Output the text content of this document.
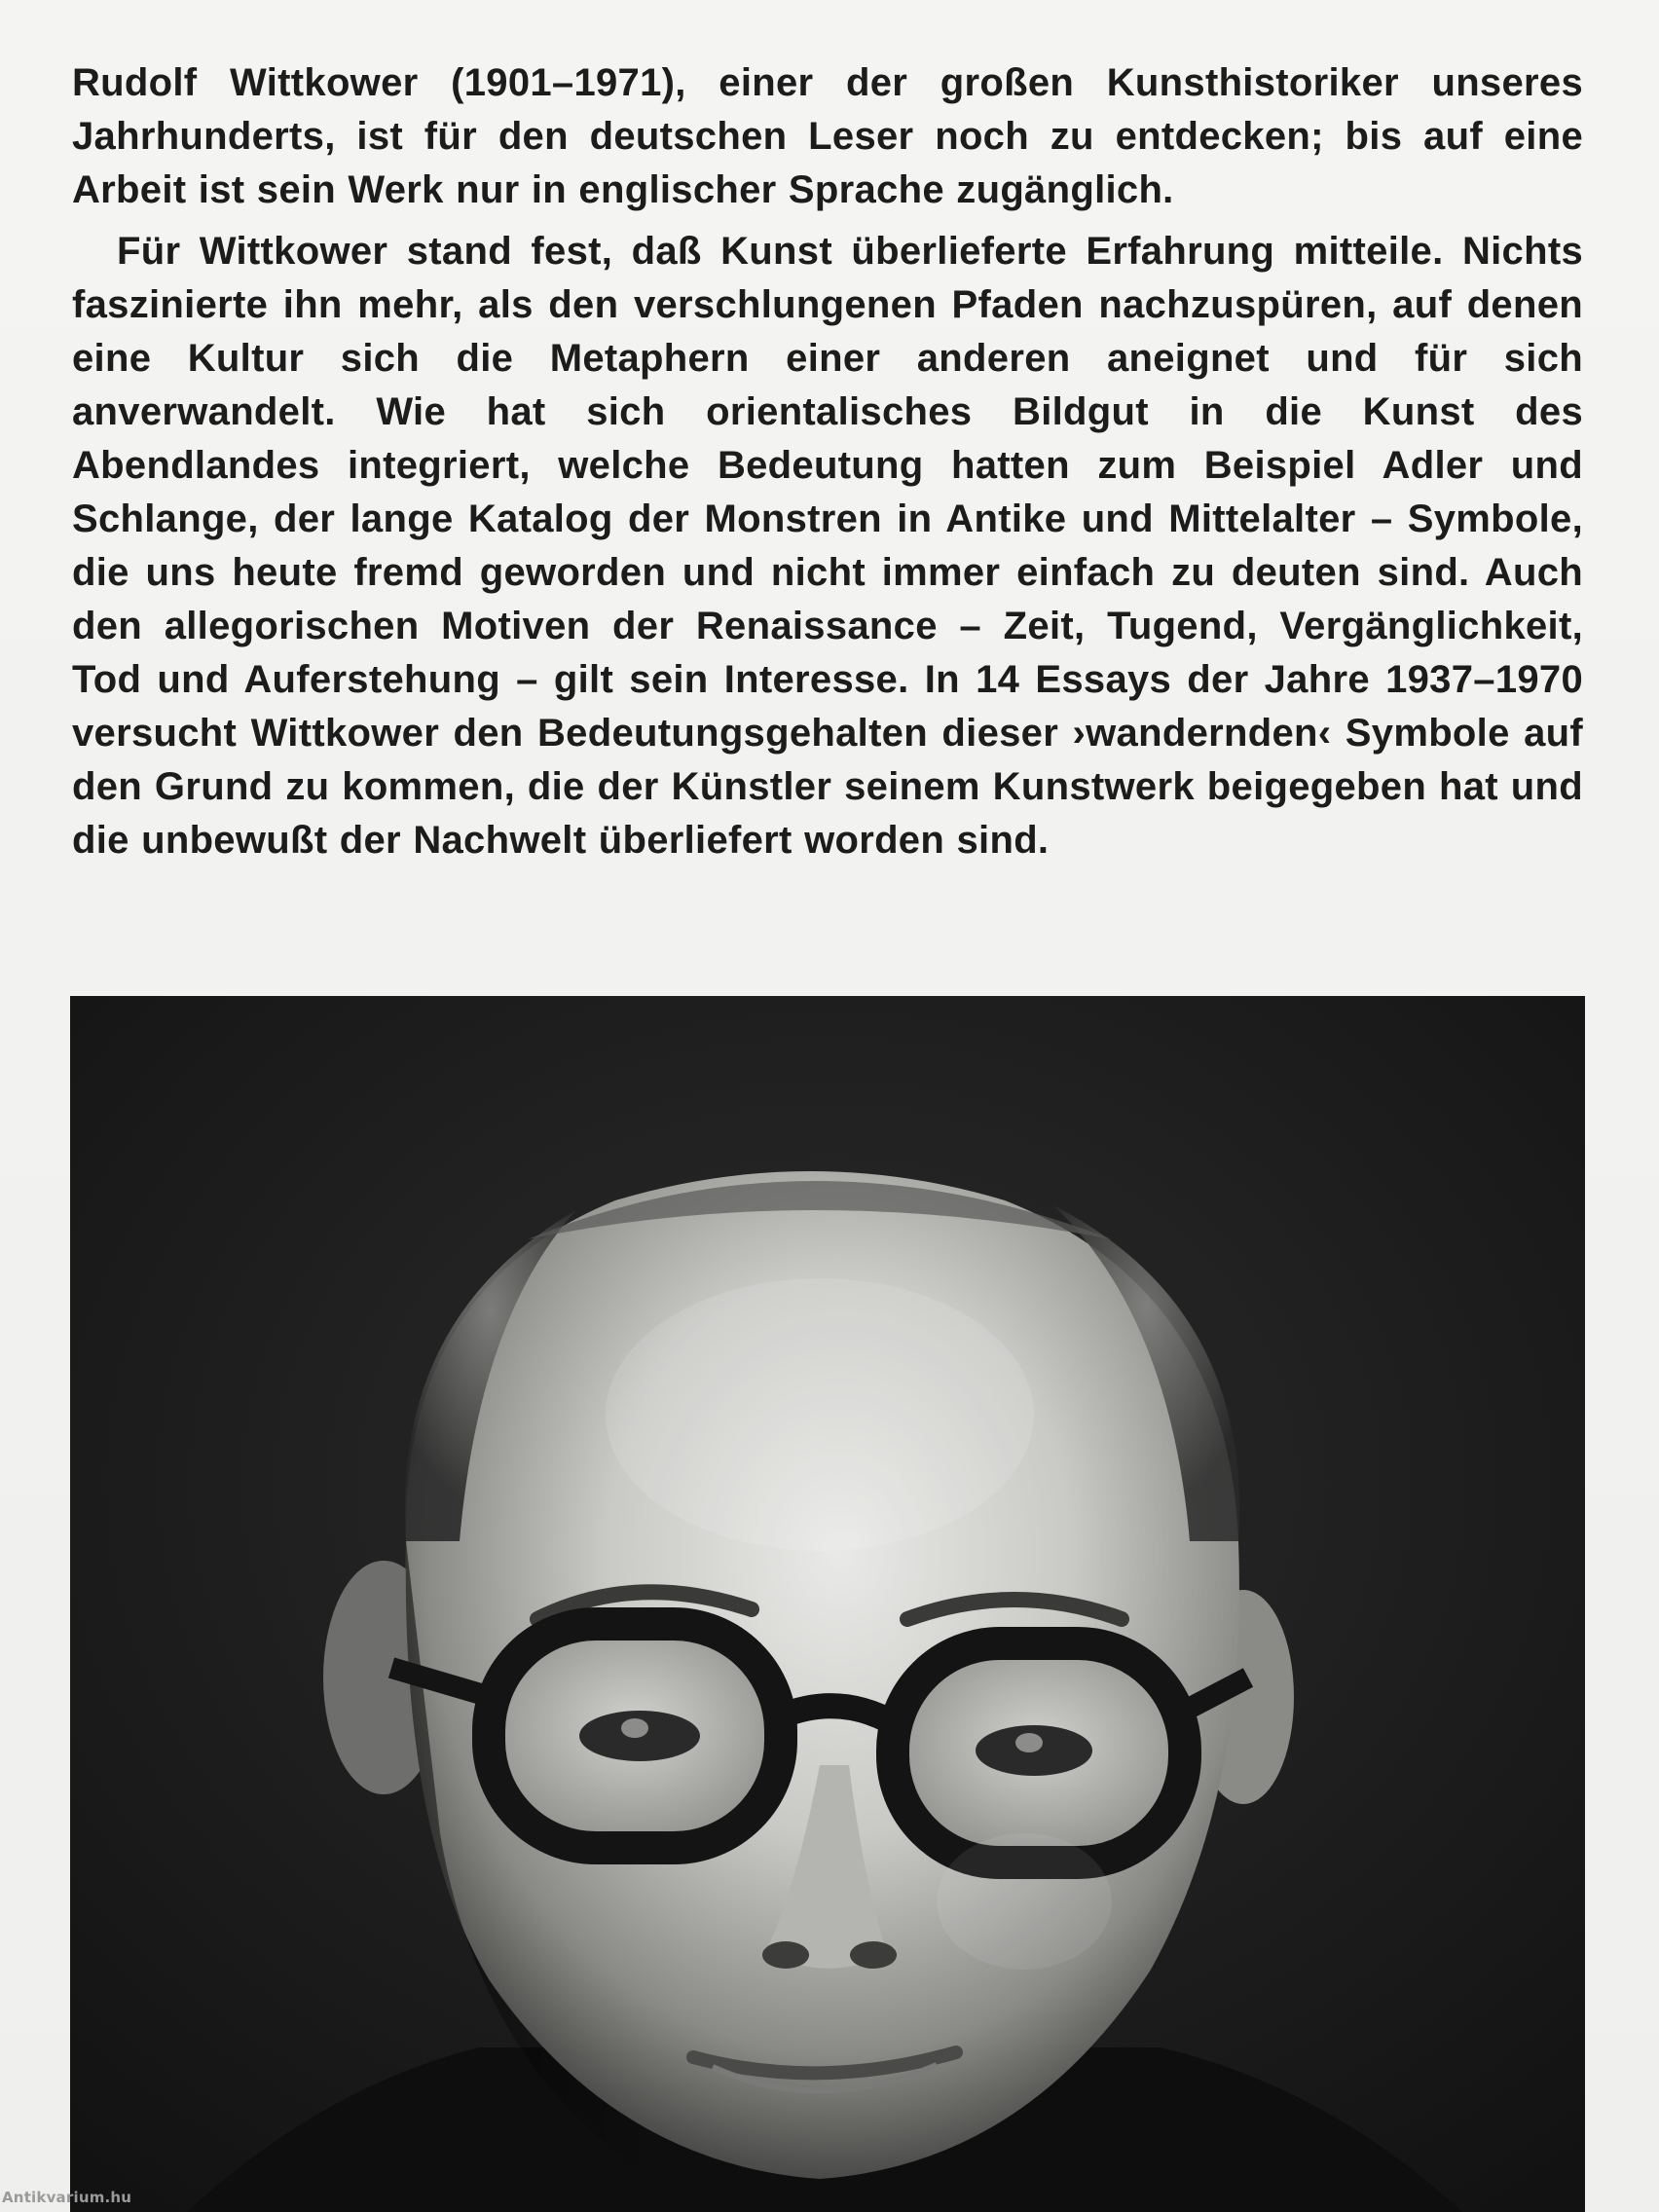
Rudolf Wittkower (1901–1971), einer der großen Kunsthistoriker unseres Jahrhunderts, ist für den deutschen Leser noch zu entdecken; bis auf eine Arbeit ist sein Werk nur in englischer Sprache zugänglich.

Für Wittkower stand fest, daß Kunst überlieferte Erfahrung mitteile. Nichts faszinierte ihn mehr, als den verschlungenen Pfaden nachzuspüren, auf denen eine Kultur sich die Metaphern einer anderen aneignet und für sich anverwandelt. Wie hat sich orientalisches Bildgut in die Kunst des Abendlandes integriert, welche Bedeutung hatten zum Beispiel Adler und Schlange, der lange Katalog der Monstren in Antike und Mittelalter – Symbole, die uns heute fremd geworden und nicht immer einfach zu deuten sind. Auch den allegorischen Motiven der Renaissance – Zeit, Tugend, Vergänglichkeit, Tod und Auferstehung – gilt sein Interesse. In 14 Essays der Jahre 1937–1970 versucht Wittkower den Bedeutungsgehalten dieser ›wandernden‹ Symbole auf den Grund zu kommen, die der Künstler seinem Kunstwerk beigegeben hat und die unbewußt der Nachwelt überliefert worden sind.

Antikvarium.hu
